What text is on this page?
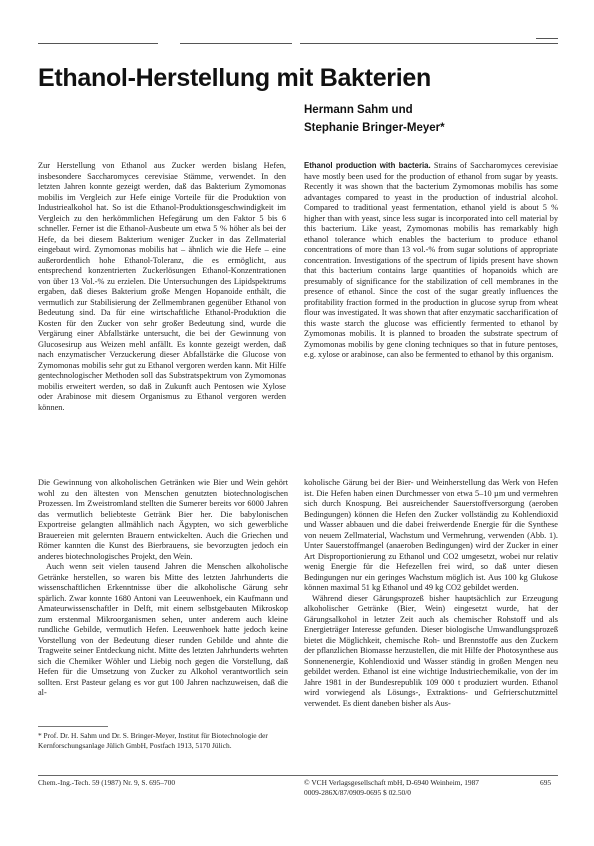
Ethanol-Herstellung mit Bakterien
Hermann Sahm und
Stephanie Bringer-Meyer*

Zur Herstellung von Ethanol aus Zucker werden bislang Hefen, insbesondere Saccharomyces cerevisiae Stämme, verwendet. In den letzten Jahren konnte gezeigt werden, daß das Bakterium Zymomonas mobilis im Vergleich zur Hefe einige Vorteile für die Produktion von Industriealkohol hat. So ist die Ethanol-Produktionsgeschwindigkeit im Vergleich zu den herkömmlichen Hefegärung um den Faktor 5 bis 6 schneller. Ferner ist die Ethanol-Ausbeute um etwa 5 % höher als bei der Hefe, da bei diesem Bakterium weniger Zucker in das Zellmaterial eingebaut wird. Zymomonas mobilis hat – ähnlich wie die Hefe – eine außerordentlich hohe Ethanol-Toleranz, die es ermöglicht, aus entsprechend konzentrierten Zuckerlösungen Ethanol-Konzentrationen von über 13 Vol.-% zu erzielen. Die Untersuchungen des Lipidspektrums ergaben, daß dieses Bakterium große Mengen Hopanoide enthält, die vermutlich zur Stabilisierung der Zellmembranen gegenüber Ethanol von Bedeutung sind. Da für eine wirtschaftliche Ethanol-Produktion die Kosten für den Zucker von sehr großer Bedeutung sind, wurde die Vergärung einer Abfallstärke untersucht, die bei der Gewinnung von Glucosesirup aus Weizen mehl anfällt. Es konnte gezeigt werden, daß nach enzymatischer Verzuckerung dieser Abfallstärke die Glucose von Zymomonas mobilis sehr gut zu Ethanol vergoren werden kann. Mit Hilfe gentechnologischer Methoden soll das Substratspektrum von Zymomonas mobilis erweitert werden, so daß in Zukunft auch Pentosen wie Xylose oder Arabinose mit diesem Organismus zu Ethanol vergoren werden können.

Ethanol production with bacteria. Strains of Saccharomyces cerevisiae have mostly been used for the production of ethanol from sugar by yeasts. Recently it was shown that the bacterium Zymomonas mobilis has some advantages compared to yeast in the production of industrial alcohol. Compared to traditional yeast fermentation, ethanol yield is about 5 % higher than with yeast, since less sugar is incorporated into cell material by this bacterium. Like yeast, Zymomonas mobilis has remarkably high ethanol tolerance which enables the bacterium to produce ethanol concentrations of more than 13 vol.-% from sugar solutions of appropriate concentration. Investigations of the spectrum of lipids present have shown that this bacterium contains large quantities of hopanoids which are presumably of significance for the stabilization of cell membranes in the presence of ethanol. Since the cost of the sugar greatly influences the profitability fraction formed in the production in glucose syrup from wheat flour was investigated. It was shown that after enzymatic saccharification of this waste starch the glucose was efficiently fermented to ethanol by Zymomonas mobilis. It is planned to broaden the substrate spectrum of Zymomonas mobilis by gene cloning techniques so that in future pentoses, e.g. xylose or arabinose, can also be fermented to ethanol by this organism.

Die Gewinnung von alkoholischen Getränken wie Bier und Wein gehört wohl zu den ältesten von Menschen genutzten biotechnologischen Prozessen. Im Zweistromland stellten die Sumerer bereits vor 6000 Jahren das vermutlich beliebteste Getränk Bier her. Die babylonischen Exportreise gelangten allmählich nach Ägypten, wo sich gewerbliche Brauereien mit gelernten Brauern entwickelten. Auch die Griechen und Römer kannten die Kunst des Bierbrauens, sie bevorzugten jedoch ein anderes biotechnologisches Projekt, den Wein.

Auch wenn seit vielen tausend Jahren die Menschen alkoholische Getränke herstellen, so waren bis Mitte des letzten Jahrhunderts die wissenschaftlichen Erkenntnisse über die alkoholische Gärung sehr spärlich. Zwar konnte 1680 Antoni van Leeuwenhoek, ein Kaufmann und Amateurwissenschaftler in Delft, mit einem selbstgebauten Mikroskop zum erstenmal Mikroorganismen sehen, unter anderem auch kleine rundliche Gebilde, vermutlich Hefen. Leeuwenhoek hatte jedoch keine Vorstellung von der Bedeutung dieser runden Gebilde und ahnte die Tragweite seiner Entdeckung nicht. Mitte des letzten Jahrhunderts wehrten sich die Chemiker Wöhler und Liebig noch gegen die Vorstellung, daß Hefen für die Umsetzung von Zucker zu Alkohol verantwortlich sein sollten. Erst Pasteur gelang es vor gut 100 Jahren nachzuweisen, daß die al-

* Prof. Dr. H. Sahm und Dr. S. Bringer-Meyer, Institut für Biotechnologie der Kernforschungsanlage Jülich GmbH, Postfach 1913, 5170 Jülich.

koholische Gärung bei der Bier- und Weinherstellung das Werk von Hefen ist. Die Hefen haben einen Durchmesser von etwa 5–10 µm und vermehren sich durch Knospung. Bei ausreichender Sauerstoffversorgung (aeroben Bedingungen) können die Hefen den Zucker vollständig zu Kohlendioxid und Wasser abbauen und die dabei freiwerdende Energie für die Synthese von neuem Zellmaterial, Wachstum und Vermehrung, verwenden (Abb. 1). Unter Sauerstoffmangel (anaeroben Bedingungen) wird der Zucker in einer Art Disproportionierung zu Ethanol und CO2 umgesetzt, wobei nur relativ wenig Energie für die Hefezellen frei wird, so daß unter diesen Bedingungen nur ein geringes Wachstum möglich ist. Aus 100 kg Glukose können maximal 51 kg Ethanol und 49 kg CO2 gebildet werden.

Während dieser Gärungsprozeß bisher hauptsächlich zur Erzeugung alkoholischer Getränke (Bier, Wein) eingesetzt wurde, hat der Gärungsalkohol in letzter Zeit auch als chemischer Rohstoff und als Energieträger Interesse gefunden. Dieser biologische Umwandlungsprozeß bietet die Möglichkeit, chemische Roh- und Brennstoffe aus den Zuckern der pflanzlichen Biomasse herzustellen, die mit Hilfe der Photosynthese aus Sonnenenergie, Kohlendioxid und Wasser ständig in großen Mengen neu gebildet werden. Ethanol ist eine wichtige Industriechemikalie, von der im Jahre 1981 in der Bundesrepublik 109 000 t produziert wurden. Ethanol wird vorwiegend als Lösungs-, Extraktions- und Gefrierschutzmittel verwendet. Es dient daneben bisher als Aus-

Chem.-Ing.-Tech. 59 (1987) Nr. 9, S. 695–700	© VCH Verlagsgesellschaft mbH, D-6940 Weinheim, 1987
0009-286X/87/0909-0695 $ 02.50/0
695
